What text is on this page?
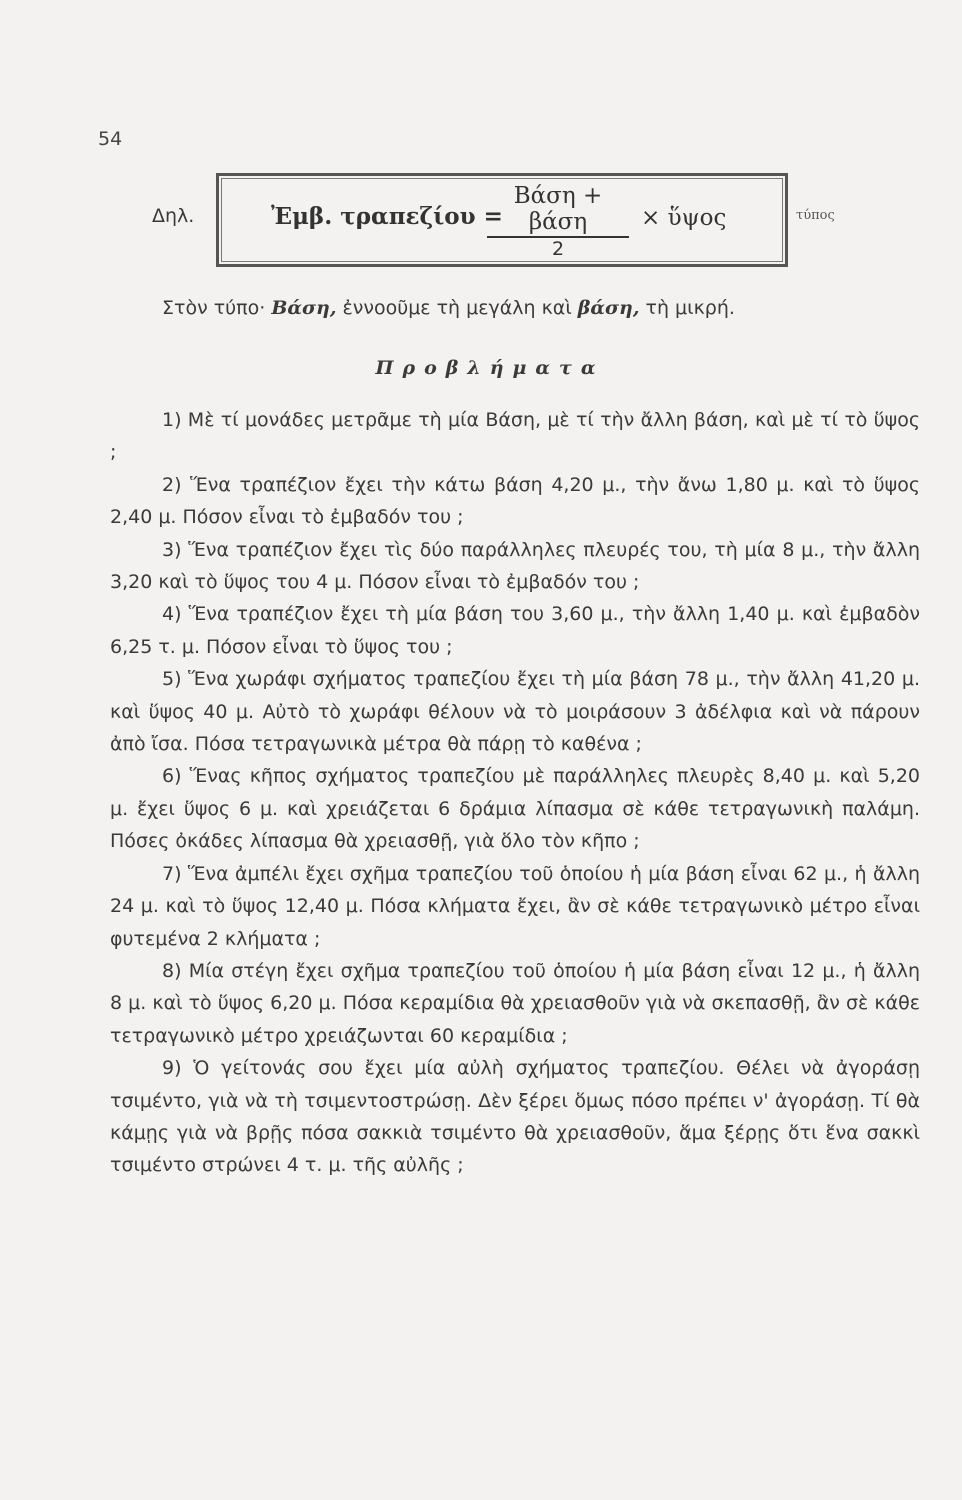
54
Δηλ.	Ἐμβ. τραπεζίου =
Βάση + βάση
2
× ὕψος	τύπος
Στὸν τύπο· Βάση, ἐννοοῦμε τὴ μεγάλη καὶ βάση, τὴ μικρή.
Προβλήματα

1) Μὲ τί μονάδες μετρᾶμε τὴ μία Βάση, μὲ τί τὴν ἄλλη βάση, καὶ μὲ τί τὸ ὕψος ;

2) Ἕνα τραπέζιον ἔχει τὴν κάτω βάση 4,20 μ., τὴν ἄνω 1,80 μ. καὶ τὸ ὕψος 2,40 μ. Πόσον εἶναι τὸ ἐμβαδόν του ;

3) Ἕνα τραπέζιον ἔχει τὶς δύο παράλληλες πλευρές του, τὴ μία 8 μ., τὴν ἄλλη 3,20 καὶ τὸ ὕψος του 4 μ. Πόσον εἶναι τὸ ἐμβαδόν του ;

4) Ἕνα τραπέζιον ἔχει τὴ μία βάση του 3,60 μ., τὴν ἄλλη 1,40 μ. καὶ ἐμβαδὸν 6,25 τ. μ. Πόσον εἶναι τὸ ὕψος του ;

5) Ἕνα χωράφι σχήματος τραπεζίου ἔχει τὴ μία βάση 78 μ., τὴν ἄλλη 41,20 μ. καὶ ὕψος 40 μ. Αὐτὸ τὸ χωράφι θέλουν νὰ τὸ μοιράσουν 3 ἀδέλφια καὶ νὰ πάρουν ἀπὸ ἴσα. Πόσα τετραγωνικὰ μέτρα θὰ πάρῃ τὸ καθένα ;

6) Ἕνας κῆπος σχήματος τραπεζίου μὲ παράλληλες πλευρὲς 8,40 μ. καὶ 5,20 μ. ἔχει ὕψος 6 μ. καὶ χρειάζεται 6 δράμια λίπασμα σὲ κάθε τετραγωνικὴ παλάμη. Πόσες ὀκάδες λίπασμα θὰ χρειασθῇ, γιὰ ὅλο τὸν κῆπο ;

7) Ἕνα ἀμπέλι ἔχει σχῆμα τραπεζίου τοῦ ὁποίου ἡ μία βάση εἶναι 62 μ., ἡ ἄλλη 24 μ. καὶ τὸ ὕψος 12,40 μ. Πόσα κλήματα ἔχει, ἂν σὲ κάθε τετραγωνικὸ μέτρο εἶναι φυτεμένα 2 κλήματα ;

8) Μία στέγη ἔχει σχῆμα τραπεζίου τοῦ ὁποίου ἡ μία βάση εἶναι 12 μ., ἡ ἄλλη 8 μ. καὶ τὸ ὕψος 6,20 μ. Πόσα κεραμίδια θὰ χρειασθοῦν γιὰ νὰ σκεπασθῇ, ἂν σὲ κάθε τετραγωνικὸ μέτρο χρειάζωνται 60 κεραμίδια ;

9) Ὁ γείτονάς σου ἔχει μία αὐλὴ σχήματος τραπεζίου. Θέλει νὰ ἀγοράσῃ τσιμέντο, γιὰ νὰ τὴ τσιμεντοστρώσῃ. Δὲν ξέρει ὅμως πόσο πρέπει ν' ἀγοράσῃ. Τί θὰ κάμῃς γιὰ νὰ βρῇς πόσα σακκιὰ τσιμέντο θὰ χρειασθοῦν, ἅμα ξέρῃς ὅτι ἕνα σακκὶ τσιμέντο στρώνει 4 τ. μ. τῆς αὐλῆς ;
